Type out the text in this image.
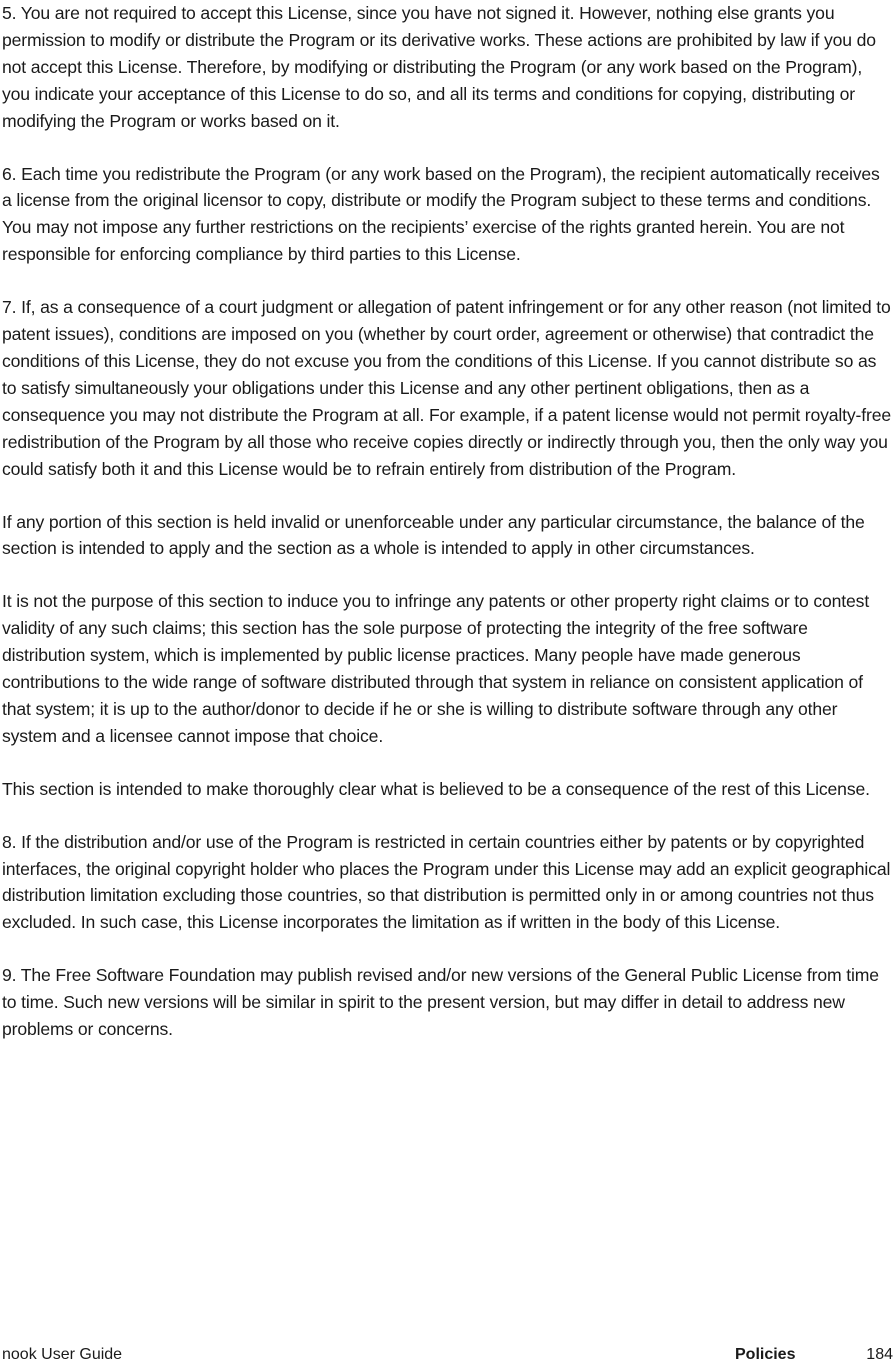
5. You are not required to accept this License, since you have not signed it. However, nothing else grants you permission to modify or distribute the Program or its derivative works. These actions are prohibited by law if you do not accept this License. Therefore, by modifying or distributing the Program (or any work based on the Program), you indicate your acceptance of this License to do so, and all its terms and conditions for copying, distributing or modifying the Program or works based on it.

6. Each time you redistribute the Program (or any work based on the Program), the recipient automatically receives a license from the original licensor to copy, distribute or modify the Program subject to these terms and conditions. You may not impose any further restrictions on the recipients’ exercise of the rights granted herein. You are not responsible for enforcing compliance by third parties to this License.

7. If, as a consequence of a court judgment or allegation of patent infringement or for any other reason (not limited to patent issues), conditions are imposed on you (whether by court order, agreement or otherwise) that contradict the conditions of this License, they do not excuse you from the conditions of this License. If you cannot distribute so as to satisfy simultaneously your obligations under this License and any other pertinent obligations, then as a consequence you may not distribute the Program at all. For example, if a patent license would not permit royalty-free redistribution of the Program by all those who receive copies directly or indirectly through you, then the only way you could satisfy both it and this License would be to refrain entirely from distribution of the Program.

If any portion of this section is held invalid or unenforceable under any particular circumstance, the balance of the section is intended to apply and the section as a whole is intended to apply in other circumstances.

It is not the purpose of this section to induce you to infringe any patents or other property right claims or to contest validity of any such claims; this section has the sole purpose of protecting the integrity of the free software distribution system, which is implemented by public license practices. Many people have made generous contributions to the wide range of software distributed through that system in reliance on consistent application of that system; it is up to the author/donor to decide if he or she is willing to distribute software through any other system and a licensee cannot impose that choice.

This section is intended to make thoroughly clear what is believed to be a consequence of the rest of this License.

8. If the distribution and/or use of the Program is restricted in certain countries either by patents or by copyrighted interfaces, the original copyright holder who places the Program under this License may add an explicit geographical distribution limitation excluding those countries, so that distribution is permitted only in or among countries not thus excluded. In such case, this License incorporates the limitation as if written in the body of this License.

9. The Free Software Foundation may publish revised and/or new versions of the General Public License from time to time. Such new versions will be similar in spirit to the present version, but may differ in detail to address new problems or concerns.

nook User Guide	Policies	184
